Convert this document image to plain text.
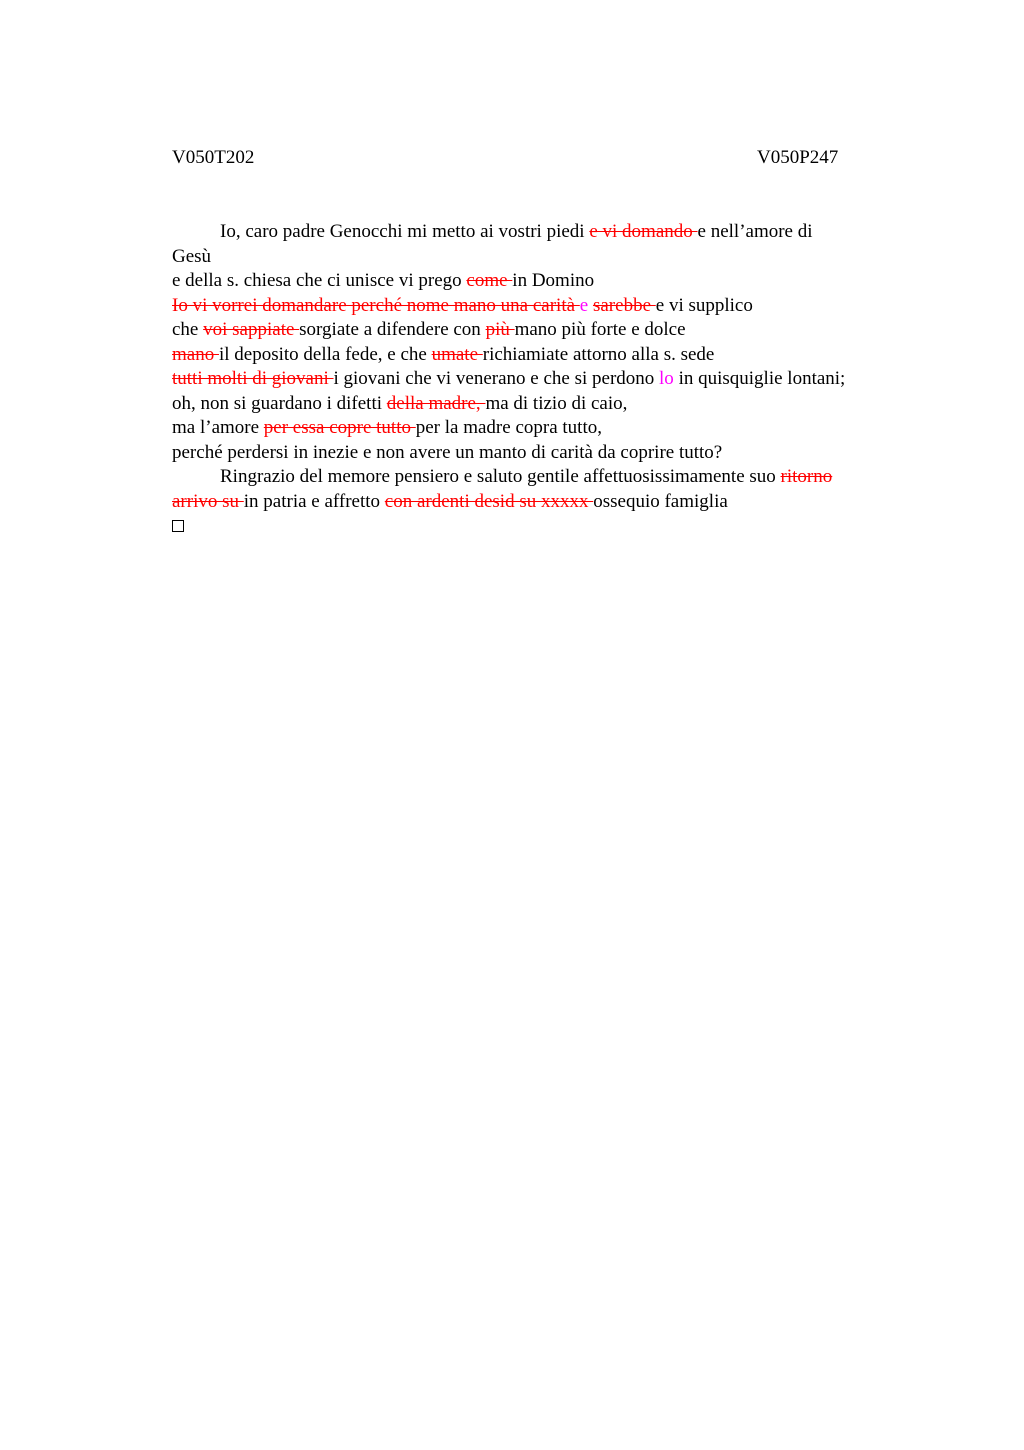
V050T202	V050P247
Io, caro padre Genocchi mi metto ai vostri piedi e vi domando e nell’amore di
Gesù
e della s. chiesa che ci unisce vi prego come in Domino
Io vi vorrei domandare perché nome mano una carità e sarebbe e vi supplico
che voi sappiate sorgiate a difendere con più mano più forte e dolce
mano il deposito della fede, e che umate richiamiate attorno alla s. sede
tutti molti di giovani i giovani che vi venerano e che si perdono lo in quisquiglie lontani;
oh, non si guardano i difetti della madre, ma di tizio di caio,
ma l’amore per essa copre tutto per la madre copra tutto,
perché perdersi in inezie e non avere un manto di carità da coprire tutto?
Ringrazio del memore pensiero e saluto gentile affettuosissimamente suo ritorno
arrivo su in patria e affretto con ardenti desid su xxxxx ossequio famiglia
